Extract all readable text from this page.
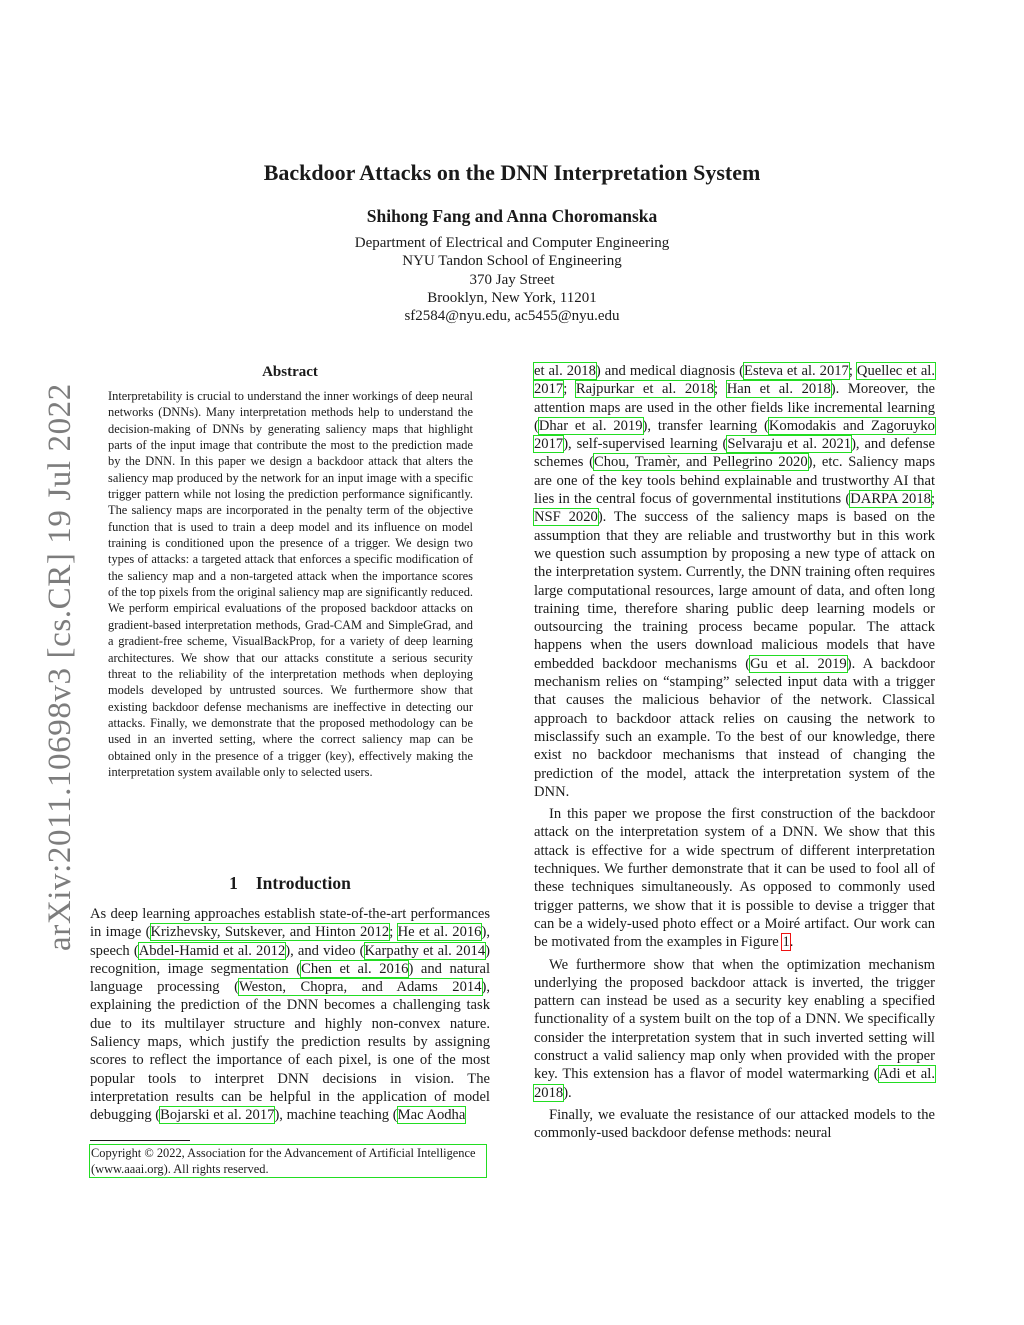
arXiv:2011.10698v3 [cs.CR] 19 Jul 2022
Backdoor Attacks on the DNN Interpretation System
Shihong Fang and Anna Choromanska
Department of Electrical and Computer Engineering
NYU Tandon School of Engineering
370 Jay Street
Brooklyn, New York, 11201
sf2584@nyu.edu, ac5455@nyu.edu
Abstract
Interpretability is crucial to understand the inner workings of deep neural networks (DNNs). Many interpretation methods help to understand the decision-making of DNNs by generating saliency maps that highlight parts of the input image that contribute the most to the prediction made by the DNN. In this paper we design a backdoor attack that alters the saliency map produced by the network for an input image with a specific trigger pattern while not losing the prediction performance significantly. The saliency maps are incorporated in the penalty term of the objective function that is used to train a deep model and its influence on model training is conditioned upon the presence of a trigger. We design two types of attacks: a targeted attack that enforces a specific modification of the saliency map and a non-targeted attack when the importance scores of the top pixels from the original saliency map are significantly reduced. We perform empirical evaluations of the proposed backdoor attacks on gradient-based interpretation methods, Grad-CAM and SimpleGrad, and a gradient-free scheme, VisualBackProp, for a variety of deep learning architectures. We show that our attacks constitute a serious security threat to the reliability of the interpretation methods when deploying models developed by untrusted sources. We furthermore show that existing backdoor defense mechanisms are ineffective in detecting our attacks. Finally, we demonstrate that the proposed methodology can be used in an inverted setting, where the correct saliency map can be obtained only in the presence of a trigger (key), effectively making the interpretation system available only to selected users.
1 Introduction
As deep learning approaches establish state-of-the-art performances in image (Krizhevsky, Sutskever, and Hinton 2012; He et al. 2016), speech (Abdel-Hamid et al. 2012), and video (Karpathy et al. 2014) recognition, image segmentation (Chen et al. 2016) and natural language processing (Weston, Chopra, and Adams 2014), explaining the prediction of the DNN becomes a challenging task due to its multilayer structure and highly non-convex nature. Saliency maps, which justify the prediction results by assigning scores to reflect the importance of each pixel, is one of the most popular tools to interpret DNN decisions in vision. The interpretation results can be helpful in the application of model debugging (Bojarski et al. 2017), machine teaching (Mac Aodha
Copyright © 2022, Association for the Advancement of Artificial Intelligence (www.aaai.org). All rights reserved.

et al. 2018) and medical diagnosis (Esteva et al. 2017; Quellec et al. 2017; Rajpurkar et al. 2018; Han et al. 2018). Moreover, the attention maps are used in the other fields like incremental learning (Dhar et al. 2019), transfer learning (Komodakis and Zagoruyko 2017), self-supervised learning (Selvaraju et al. 2021), and defense schemes (Chou, Tramèr, and Pellegrino 2020), etc. Saliency maps are one of the key tools behind explainable and trustworthy AI that lies in the central focus of governmental institutions (DARPA 2018; NSF 2020). The success of the saliency maps is based on the assumption that they are reliable and trustworthy but in this work we question such assumption by proposing a new type of attack on the interpretation system. Currently, the DNN training often requires large computational resources, large amount of data, and often long training time, therefore sharing public deep learning models or outsourcing the training process became popular. The attack happens when the users download malicious models that have embedded backdoor mechanisms (Gu et al. 2019). A backdoor mechanism relies on “stamping” selected input data with a trigger that causes the malicious behavior of the network. Classical approach to backdoor attack relies on causing the network to misclassify such an example. To the best of our knowledge, there exist no backdoor mechanisms that instead of changing the prediction of the model, attack the interpretation system of the DNN.

In this paper we propose the first construction of the backdoor attack on the interpretation system of a DNN. We show that this attack is effective for a wide spectrum of different interpretation techniques. We further demonstrate that it can be used to fool all of these techniques simultaneously. As opposed to commonly used trigger patterns, we show that it is possible to devise a trigger that can be a widely-used photo effect or a Moiré artifact. Our work can be motivated from the examples in Figure 1.

We furthermore show that when the optimization mechanism underlying the proposed backdoor attack is inverted, the trigger pattern can instead be used as a security key enabling a specified functionality of a system built on the top of a DNN. We specifically consider the interpretation system that in such inverted setting will construct a valid saliency map only when provided with the proper key. This extension has a flavor of model watermarking (Adi et al. 2018).

Finally, we evaluate the resistance of our attacked models to the commonly-used backdoor defense methods: neural
